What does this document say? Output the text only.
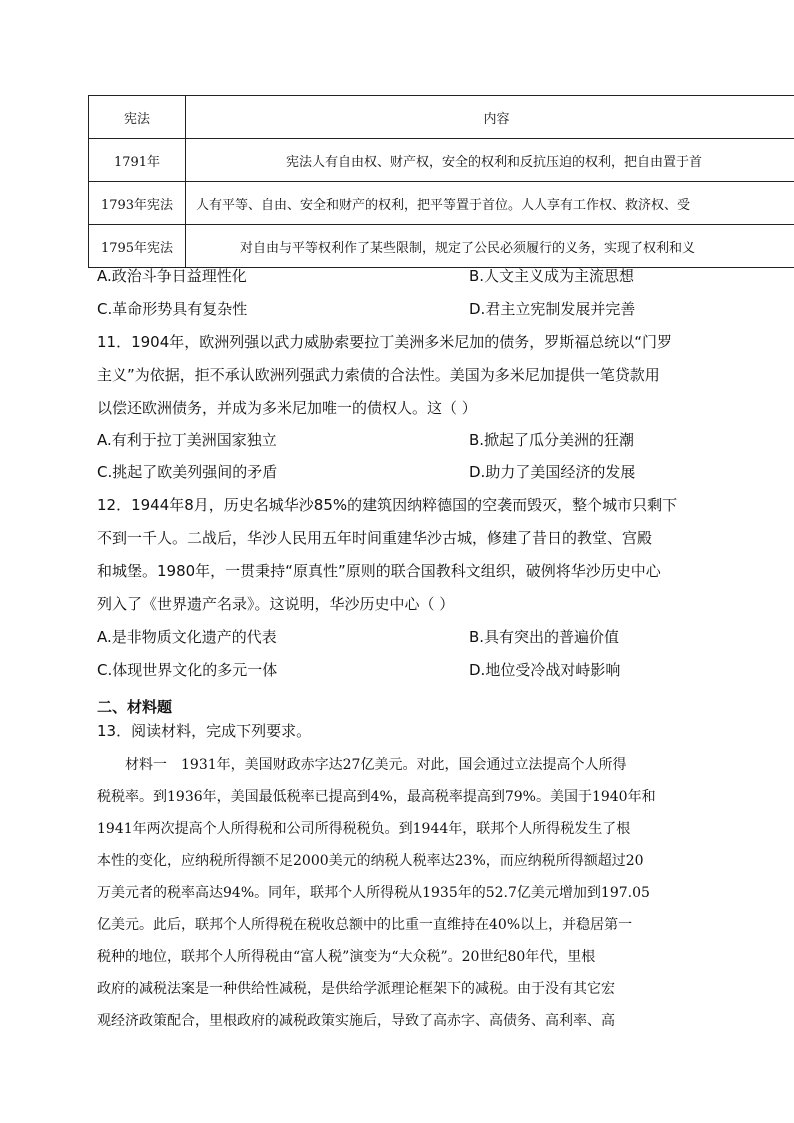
宪法	内容
1791年	宪法人有自由权、财产权，安全的权利和反抗压迫的权利，把自由置于首
1793年宪法	人有平等、自由、安全和财产的权利，把平等置于首位。人人享有工作权、救济权、受
1795年宪法	对自由与平等权利作了某些限制，规定了公民必须履行的义务，实现了权利和义
A.政治斗争日益理性化	B.人文主义成为主流思想
C.革命形势具有复杂性	D.君主立宪制发展并完善
11．1904年，欧洲列强以武力威胁索要拉丁美洲多米尼加的债务，罗斯福总统以“门罗
主义”为依据，拒不承认欧洲列强武力索债的合法性。美国为多米尼加提供一笔贷款用
以偿还欧洲债务，并成为多米尼加唯一的债权人。这（ ）
A.有利于拉丁美洲国家独立	B.掀起了瓜分美洲的狂潮
C.挑起了欧美列强间的矛盾	D.助力了美国经济的发展
12．1944年8月，历史名城华沙85%的建筑因纳粹德国的空袭而毁灭，整个城市只剩下
不到一千人。二战后，华沙人民用五年时间重建华沙古城，修建了昔日的教堂、宫殿
和城堡。1980年，一贯秉持“原真性”原则的联合国教科文组织，破例将华沙历史中心
列入了《世界遗产名录》。这说明，华沙历史中心（ ）
A.是非物质文化遗产的代表	B.具有突出的普遍价值
C.体现世界文化的多元一体	D.地位受冷战对峙影响
二、材料题
13．阅读材料，完成下列要求。
　　材料一　1931年，美国财政赤字达27亿美元。对此，国会通过立法提高个人所得
税税率。到1936年，美国最低税率已提高到4%，最高税率提高到79%。美国于1940年和
1941年两次提高个人所得税和公司所得税税负。到1944年，联邦个人所得税发生了根
本性的变化，应纳税所得额不足2000美元的纳税人税率达23%，而应纳税所得额超过20
万美元者的税率高达94%。同年，联邦个人所得税从1935年的52.7亿美元增加到197.05
亿美元。此后，联邦个人所得税在税收总额中的比重一直维持在40%以上，并稳居第一
税种的地位，联邦个人所得税由“富人税”演变为“大众税”。20世纪80年代，里根
政府的减税法案是一种供给性减税，是供给学派理论框架下的减税。由于没有其它宏
观经济政策配合，里根政府的减税政策实施后，导致了高赤字、高债务、高利率、高
